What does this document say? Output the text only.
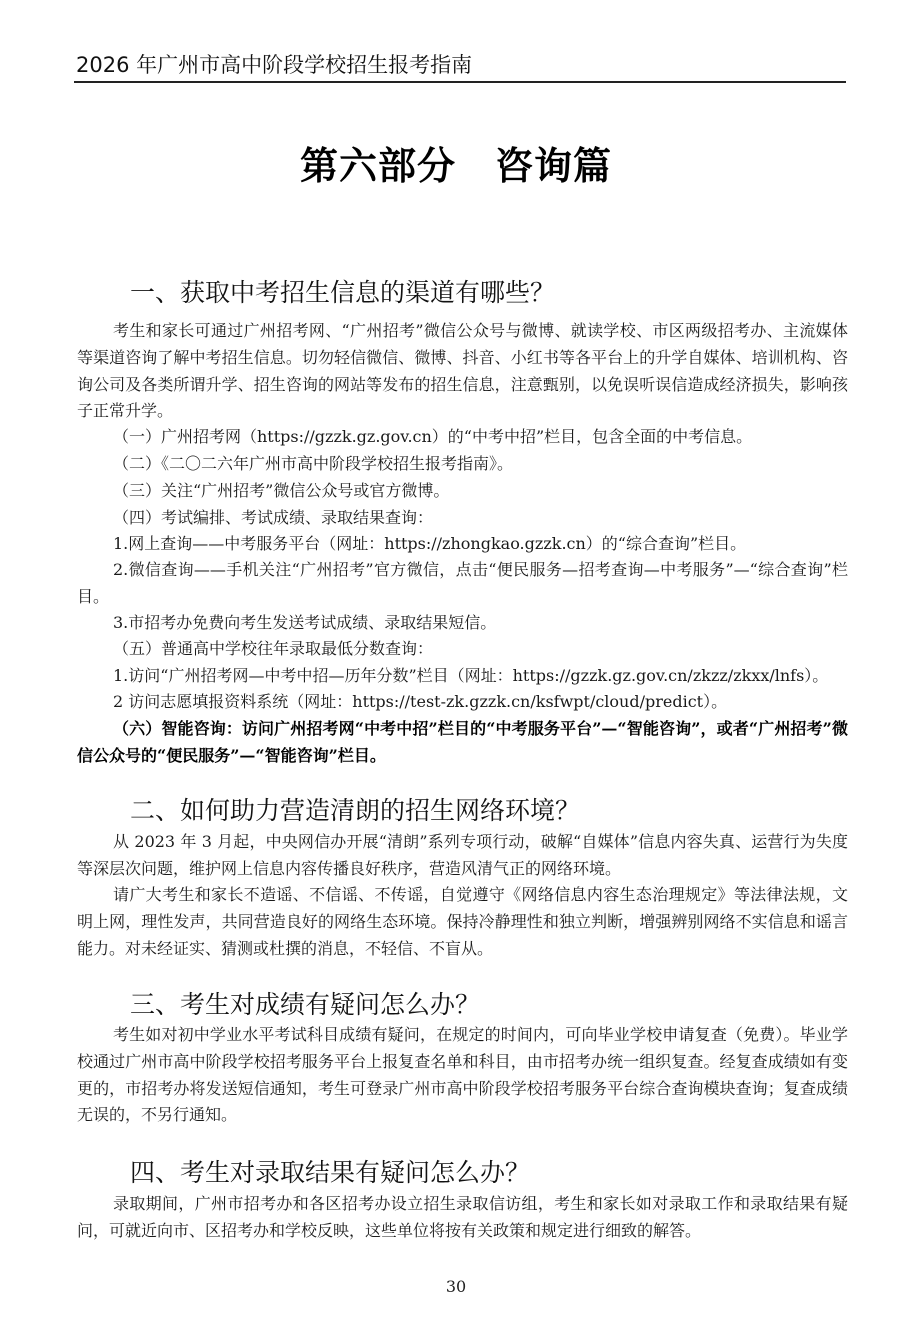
2026 年广州市高中阶段学校招生报考指南
第六部分　咨询篇
一、获取中考招生信息的渠道有哪些？

考生和家长可通过广州招考网、“广州招考”微信公众号与微博、就读学校、市区两级招考办、主流媒体等渠道咨询了解中考招生信息。切勿轻信微信、微博、抖音、小红书等各平台上的升学自媒体、培训机构、咨询公司及各类所谓升学、招生咨询的网站等发布的招生信息，注意甄别，以免误听误信造成经济损失，影响孩子正常升学。

（一）广州招考网（https://gzzk.gz.gov.cn）的“中考中招”栏目，包含全面的中考信息。

（二）《二〇二六年广州市高中阶段学校招生报考指南》。

（三）关注“广州招考”微信公众号或官方微博。

（四）考试编排、考试成绩、录取结果查询：

1.网上查询——中考服务平台（网址：https://zhongkao.gzzk.cn）的“综合查询”栏目。

2.微信查询——手机关注“广州招考”官方微信，点击“便民服务—招考查询—中考服务”—“综合查询”栏目。

3.市招考办免费向考生发送考试成绩、录取结果短信。

（五）普通高中学校往年录取最低分数查询：

1.访问“广州招考网—中考中招—历年分数”栏目（网址：https://gzzk.gz.gov.cn/zkzz/zkxx/lnfs）。

2 访问志愿填报资料系统（网址：https://test-zk.gzzk.cn/ksfwpt/cloud/predict）。

（六）智能咨询：访问广州招考网“中考中招”栏目的“中考服务平台”—“智能咨询”，或者“广州招考”微信公众号的“便民服务”—“智能咨询”栏目。

二、如何助力营造清朗的招生网络环境？

从 2023 年 3 月起，中央网信办开展“清朗”系列专项行动，破解“自媒体”信息内容失真、运营行为失度等深层次问题，维护网上信息内容传播良好秩序，营造风清气正的网络环境。

请广大考生和家长不造谣、不信谣、不传谣，自觉遵守《网络信息内容生态治理规定》等法律法规，文明上网，理性发声，共同营造良好的网络生态环境。保持冷静理性和独立判断，增强辨别网络不实信息和谣言能力。对未经证实、猜测或杜撰的消息，不轻信、不盲从。

三、考生对成绩有疑问怎么办？

考生如对初中学业水平考试科目成绩有疑问，在规定的时间内，可向毕业学校申请复查（免费）。毕业学校通过广州市高中阶段学校招考服务平台上报复查名单和科目，由市招考办统一组织复查。经复查成绩如有变更的，市招考办将发送短信通知，考生可登录广州市高中阶段学校招考服务平台综合查询模块查询；复查成绩无误的，不另行通知。

四、考生对录取结果有疑问怎么办？

录取期间，广州市招考办和各区招考办设立招生录取信访组，考生和家长如对录取工作和录取结果有疑问，可就近向市、区招考办和学校反映，这些单位将按有关政策和规定进行细致的解答。

30
